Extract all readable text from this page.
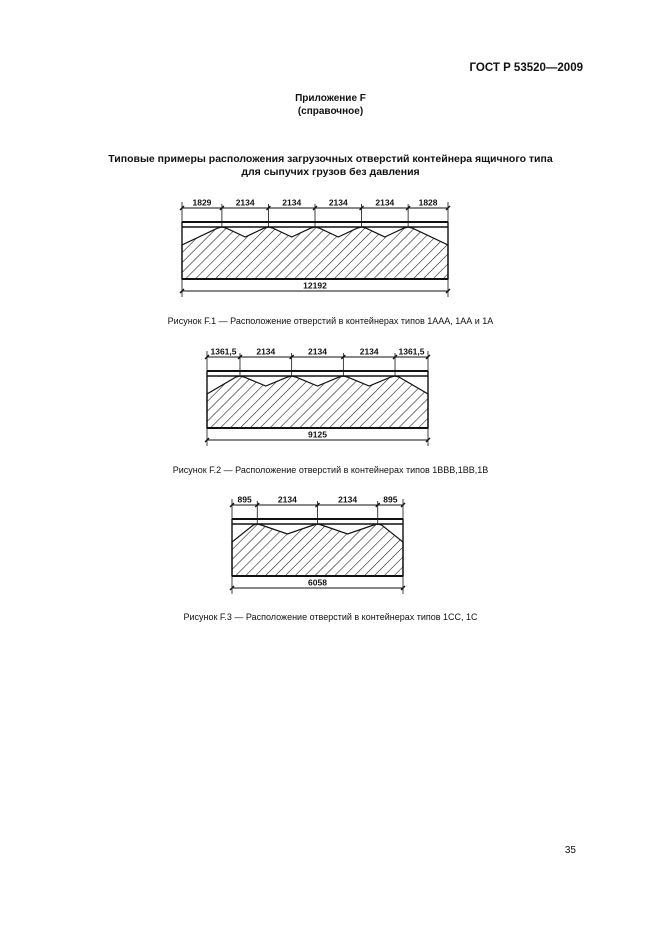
ГОСТ Р 53520—2009
Приложение F
(справочное)
Типовые примеры расположения загрузочных отверстий контейнера ящичного типа
для сыпучих грузов без давления
1829	2134	2134	2134	2134	1828
12192
Рисунок F.1 — Расположение отверстий в контейнерах типов 1ААА, 1АА и 1А
1361,5 2134	2134	2134 1361,5
9125
Рисунок F.2 — Расположение отверстий в контейнерах типов 1ВВВ,1ВВ,1В
895	2134	2134	895
6058
Рисунок F.3 — Расположение отверстий в контейнерах типов 1СС, 1С
35
